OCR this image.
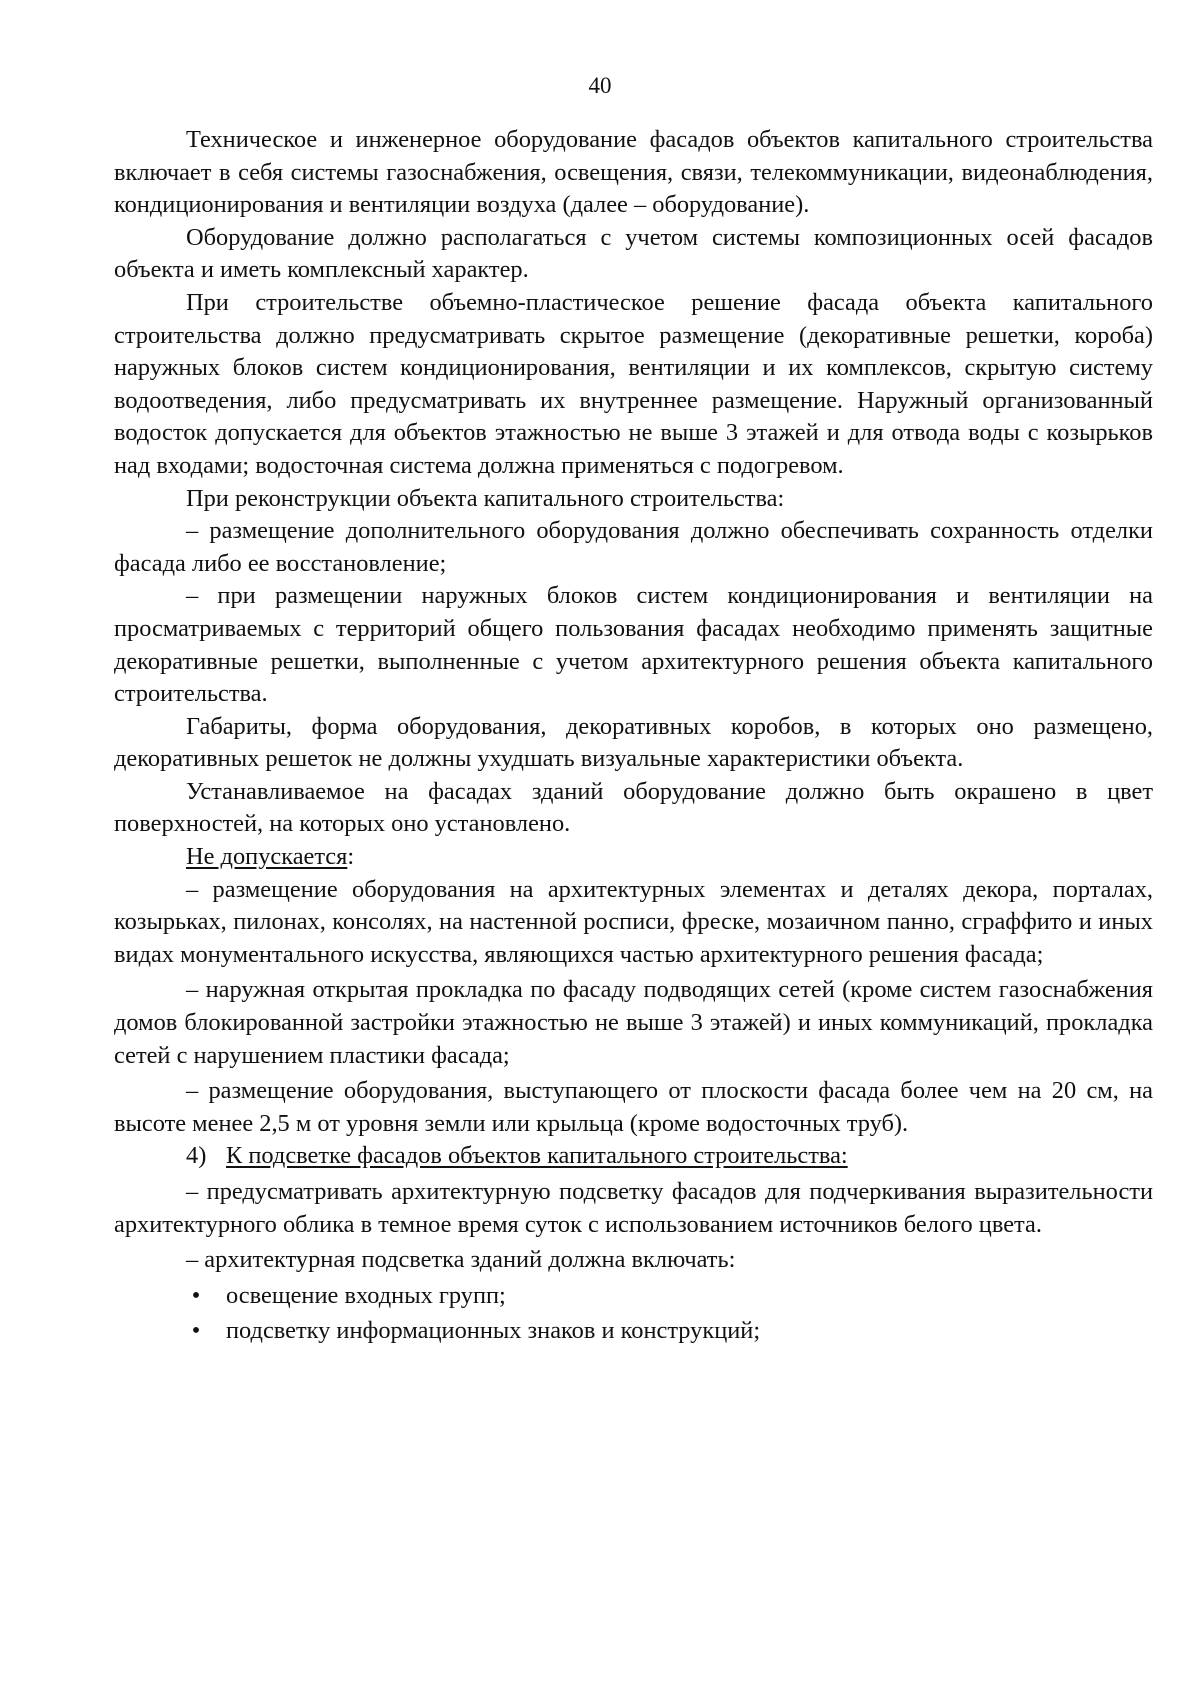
40

Техническое и инженерное оборудование фасадов объектов капитального строительства включает в себя системы газоснабжения, освещения, связи, телекоммуникации, видеонаблюдения, кондиционирования и вентиляции воздуха (далее – оборудование).

Оборудование должно располагаться с учетом системы композиционных осей фасадов объекта и иметь комплексный характер.

При строительстве объемно-пластическое решение фасада объекта капитального строительства должно предусматривать скрытое размещение (декоративные решетки, короба) наружных блоков систем кондиционирования, вентиляции и их комплексов, скрытую систему водоотведения, либо предусматривать их внутреннее размещение. Наружный организованный водосток допускается для объектов этажностью не выше 3 этажей и для отвода воды с козырьков над входами; водосточная система должна применяться с подогревом.

При реконструкции объекта капитального строительства:

– размещение дополнительного оборудования должно обеспечивать сохранность отделки фасада либо ее восстановление;

– при размещении наружных блоков систем кондиционирования и вентиляции на просматриваемых с территорий общего пользования фасадах необходимо применять защитные декоративные решетки, выполненные с учетом архитектурного решения объекта капитального строительства.

Габариты, форма оборудования, декоративных коробов, в которых оно размещено, декоративных решеток не должны ухудшать визуальные характеристики объекта.

Устанавливаемое на фасадах зданий оборудование должно быть окрашено в цвет поверхностей, на которых оно установлено.

Не допускается:

– размещение оборудования на архитектурных элементах и деталях декора, порталах, козырьках, пилонах, консолях, на настенной росписи, фреске, мозаичном панно, сграффито и иных видах монументального искусства, являющихся частью архитектурного решения фасада;

– наружная открытая прокладка по фасаду подводящих сетей (кроме систем газоснабжения домов блокированной застройки этажностью не выше 3 этажей) и иных коммуникаций, прокладка сетей с нарушением пластики фасада;

– размещение оборудования, выступающего от плоскости фасада более чем на 20 см, на высоте менее 2,5 м от уровня земли или крыльца (кроме водосточных труб).

4) К подсветке фасадов объектов капитального строительства:

– предусматривать архитектурную подсветку фасадов для подчеркивания выразительности архитектурного облика в темное время суток с использованием источников белого цвета.

– архитектурная подсветка зданий должна включать:

• освещение входных групп;
• подсветку информационных знаков и конструкций;
